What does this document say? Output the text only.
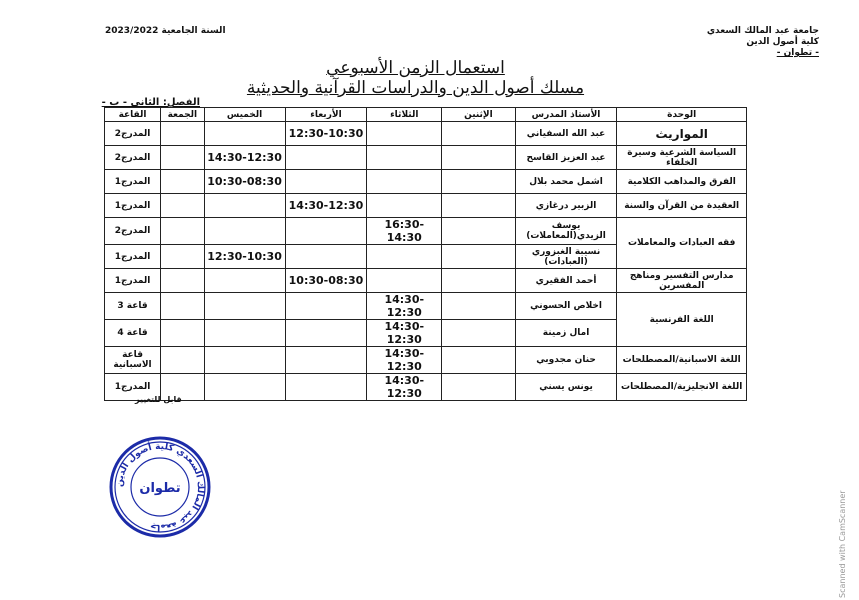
جامعة عبد المالك السعدي
كلية أصول الدين
- تطوان -
السنة الجامعية 2023/2022
استعمال الزمن الأسبوعي
مسلك أصول الدين والدراسات القرآنية والحديثية
الفصل: الثاني - ب -
الوحدة	الأستاذ المدرس	الإثنين	الثلاثاء	الأربعاء	الخميس	الجمعة	القاعة
المواريث	عبد الله السفياني			12:30-10:30			المدرج2
السياسة الشرعية وسيرة الخلفاء	عبد العزيز القاسح				14:30-12:30		المدرج2
الفرق والمذاهب الكلامية	اشمل محمد بلال				10:30-08:30		المدرج1
العقيدة من القرآن والسنة	الزبير درغازي			14:30-12:30			المدرج1
فقه العبادات والمعاملات	يوسف الزيدي(المعاملات)		16:30-14:30				المدرج2
	نسيبة الغبزوري (العبادات)				12:30-10:30		المدرج1
مدارس التفسير ومناهج المفسرين	أحمد الفقيري			10:30-08:30			المدرج1
اللغة الفرنسية	اخلاص الحسوني		14:30-12:30				قاعة 3
	امال زمينة		14:30-12:30				قاعة 4
اللغة الاسبانية/المصطلحات	حنان مجدوبي		14:30-12:30				قاعة الاسبانية
اللغة الانجليزية/المصطلحات	يونس يسني		14:30-12:30				المدرج1
قابل للتغيير
جامعة عبد المالك السعدي كلية أصول الدين
تطوان
Scanned with CamScanner
